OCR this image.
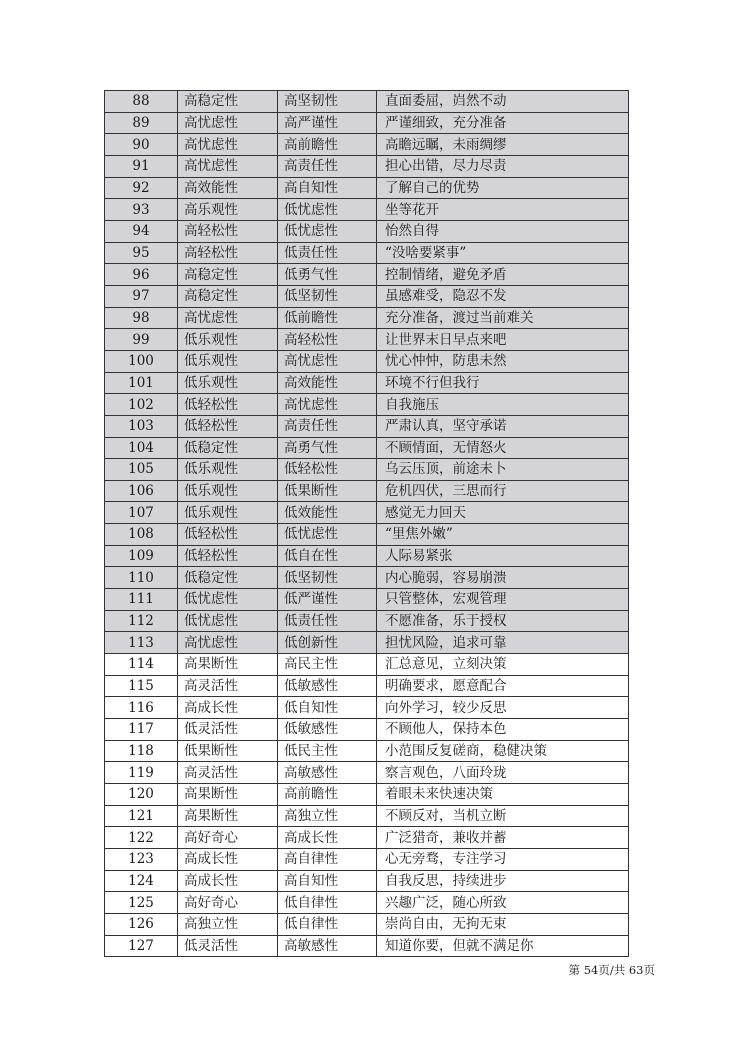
88	高稳定性	高坚韧性	直面委屈，岿然不动
89	高忧虑性	高严谨性	严谨细致，充分准备
90	高忧虑性	高前瞻性	高瞻远瞩，未雨绸缪
91	高忧虑性	高责任性	担心出错，尽力尽责
92	高效能性	高自知性	了解自己的优势
93	高乐观性	低忧虑性	坐等花开
94	高轻松性	低忧虑性	怡然自得
95	高轻松性	低责任性	“没啥要紧事”
96	高稳定性	低勇气性	控制情绪，避免矛盾
97	高稳定性	低坚韧性	虽感难受，隐忍不发
98	高忧虑性	低前瞻性	充分准备，渡过当前难关
99	低乐观性	高轻松性	让世界末日早点来吧
100	低乐观性	高忧虑性	忧心忡忡，防患未然
101	低乐观性	高效能性	环境不行但我行
102	低轻松性	高忧虑性	自我施压
103	低轻松性	高责任性	严肃认真，坚守承诺
104	低稳定性	高勇气性	不顾情面，无情怒火
105	低乐观性	低轻松性	乌云压顶，前途未卜
106	低乐观性	低果断性	危机四伏，三思而行
107	低乐观性	低效能性	感觉无力回天
108	低轻松性	低忧虑性	“里焦外嫩”
109	低轻松性	低自在性	人际易紧张
110	低稳定性	低坚韧性	内心脆弱，容易崩溃
111	低忧虑性	低严谨性	只管整体，宏观管理
112	低忧虑性	低责任性	不愿准备，乐于授权
113	高忧虑性	低创新性	担忧风险，追求可靠
114	高果断性	高民主性	汇总意见，立刻决策
115	高灵活性	低敏感性	明确要求，愿意配合
116	高成长性	低自知性	向外学习，较少反思
117	低灵活性	低敏感性	不顾他人，保持本色
118	低果断性	低民主性	小范围反复磋商，稳健决策
119	高灵活性	高敏感性	察言观色，八面玲珑
120	高果断性	高前瞻性	着眼未来快速决策
121	高果断性	高独立性	不顾反对，当机立断
122	高好奇心	高成长性	广泛猎奇，兼收并蓄
123	高成长性	高自律性	心无旁骛，专注学习
124	高成长性	高自知性	自我反思，持续进步
125	高好奇心	低自律性	兴趣广泛，随心所致
126	高独立性	低自律性	崇尚自由，无拘无束
127	低灵活性	高敏感性	知道你要，但就不满足你
第 54页/共 63页
